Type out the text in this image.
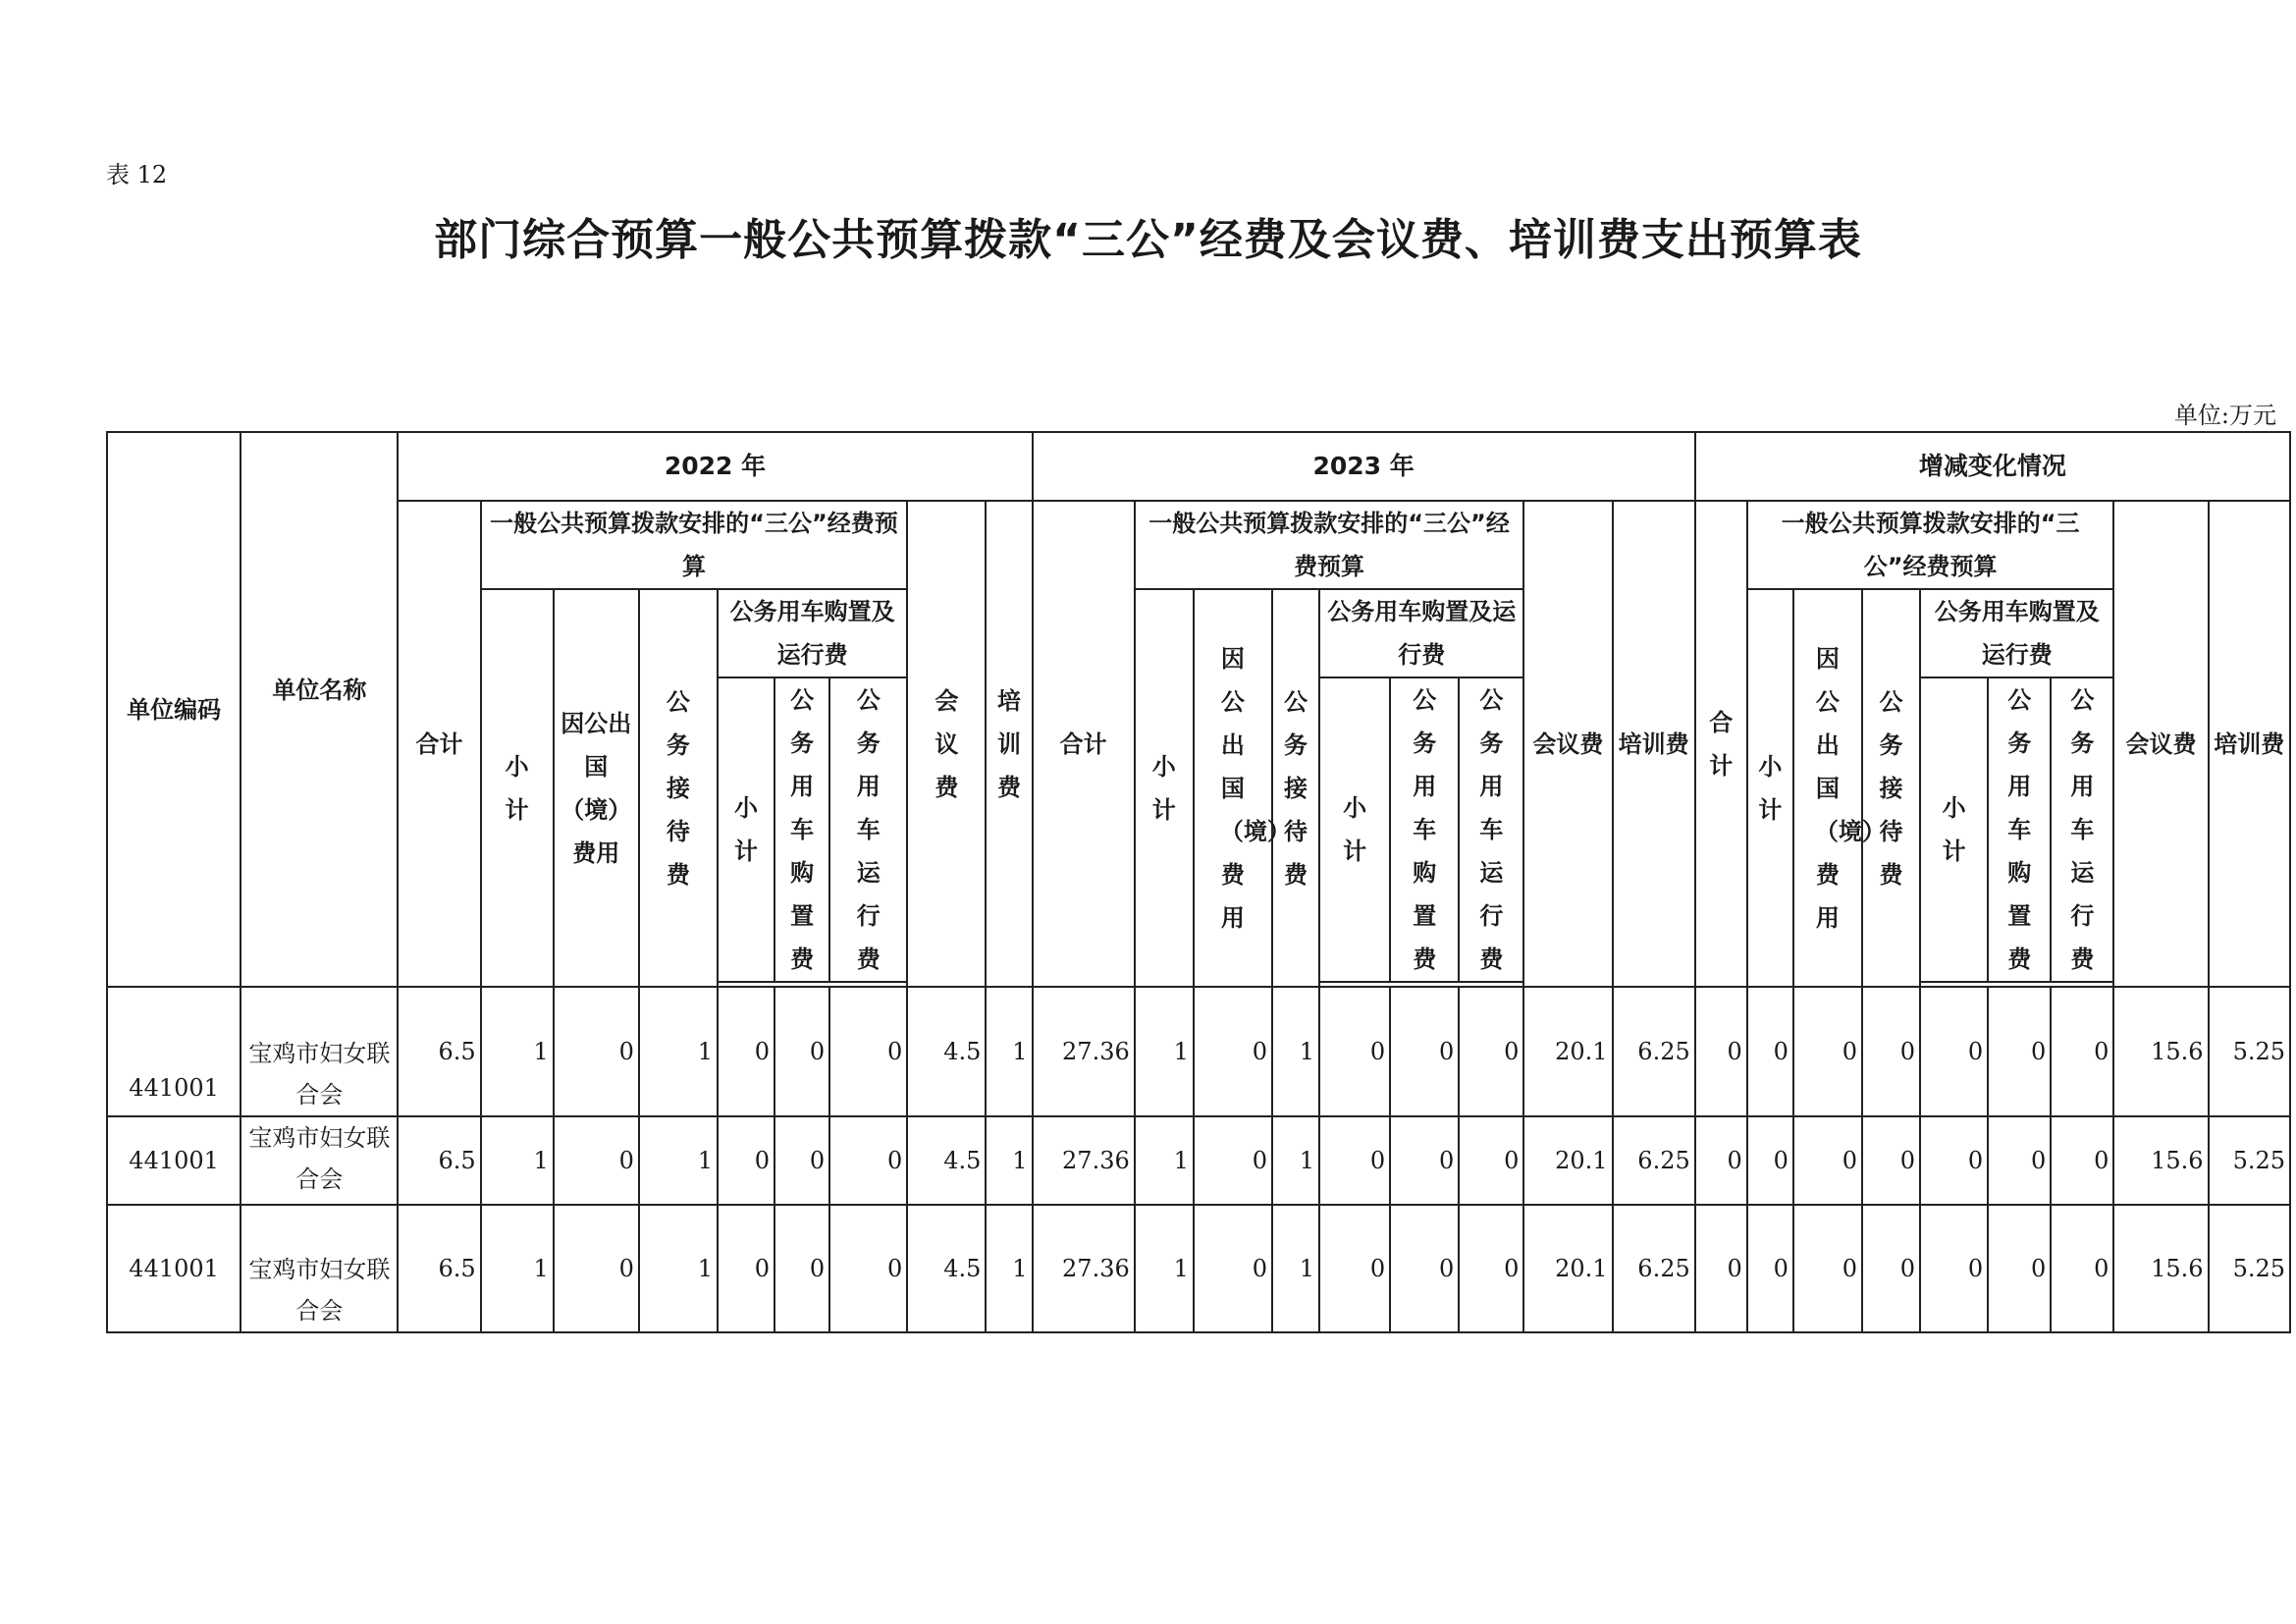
表 12
部门综合预算一般公共预算拨款“三公”经费及会议费、培训费支出预算表
单位:万元
单位编码	单位名称	2022 年									2023 年									增减变化情况								
		合计	一般公共预算拨款安排的“三公”经费预算						会议费	培训费	合计	一般公共预算拨款安排的“三公”经费预算						会议费	培训费	合计	一般公共预算拨款安排的“三公”经费预算						会议费	培训费
			小计	因公出国（境）费用	公务接待费	公务用车购置及运行费						小计	因公出国（境）费用	公务接待费	公务用车购置及运行费						小计	因公出国（境）费用	公务接待费	公务用车购置及运行费				
						小计	公务用车购置费	公务用车运行费							小计	公务用车购置费	公务用车运行费							小计	公务用车购置费	公务用车运行费		

441001	宝鸡市妇女联合会	6.5	1	0	1	0	0	0	4.5	1	27.36	1	0	1	0	0	0	20.1	6.25	0	0	0	0	0	0	0	15.6	5.25
441001	宝鸡市妇女联合会	6.5	1	0	1	0	0	0	4.5	1	27.36	1	0	1	0	0	0	20.1	6.25	0	0	0	0	0	0	0	15.6	5.25
441001	宝鸡市妇女联合会	6.5	1	0	1	0	0	0	4.5	1	27.36	1	0	1	0	0	0	20.1	6.25	0	0	0	0	0	0	0	15.6	5.25
